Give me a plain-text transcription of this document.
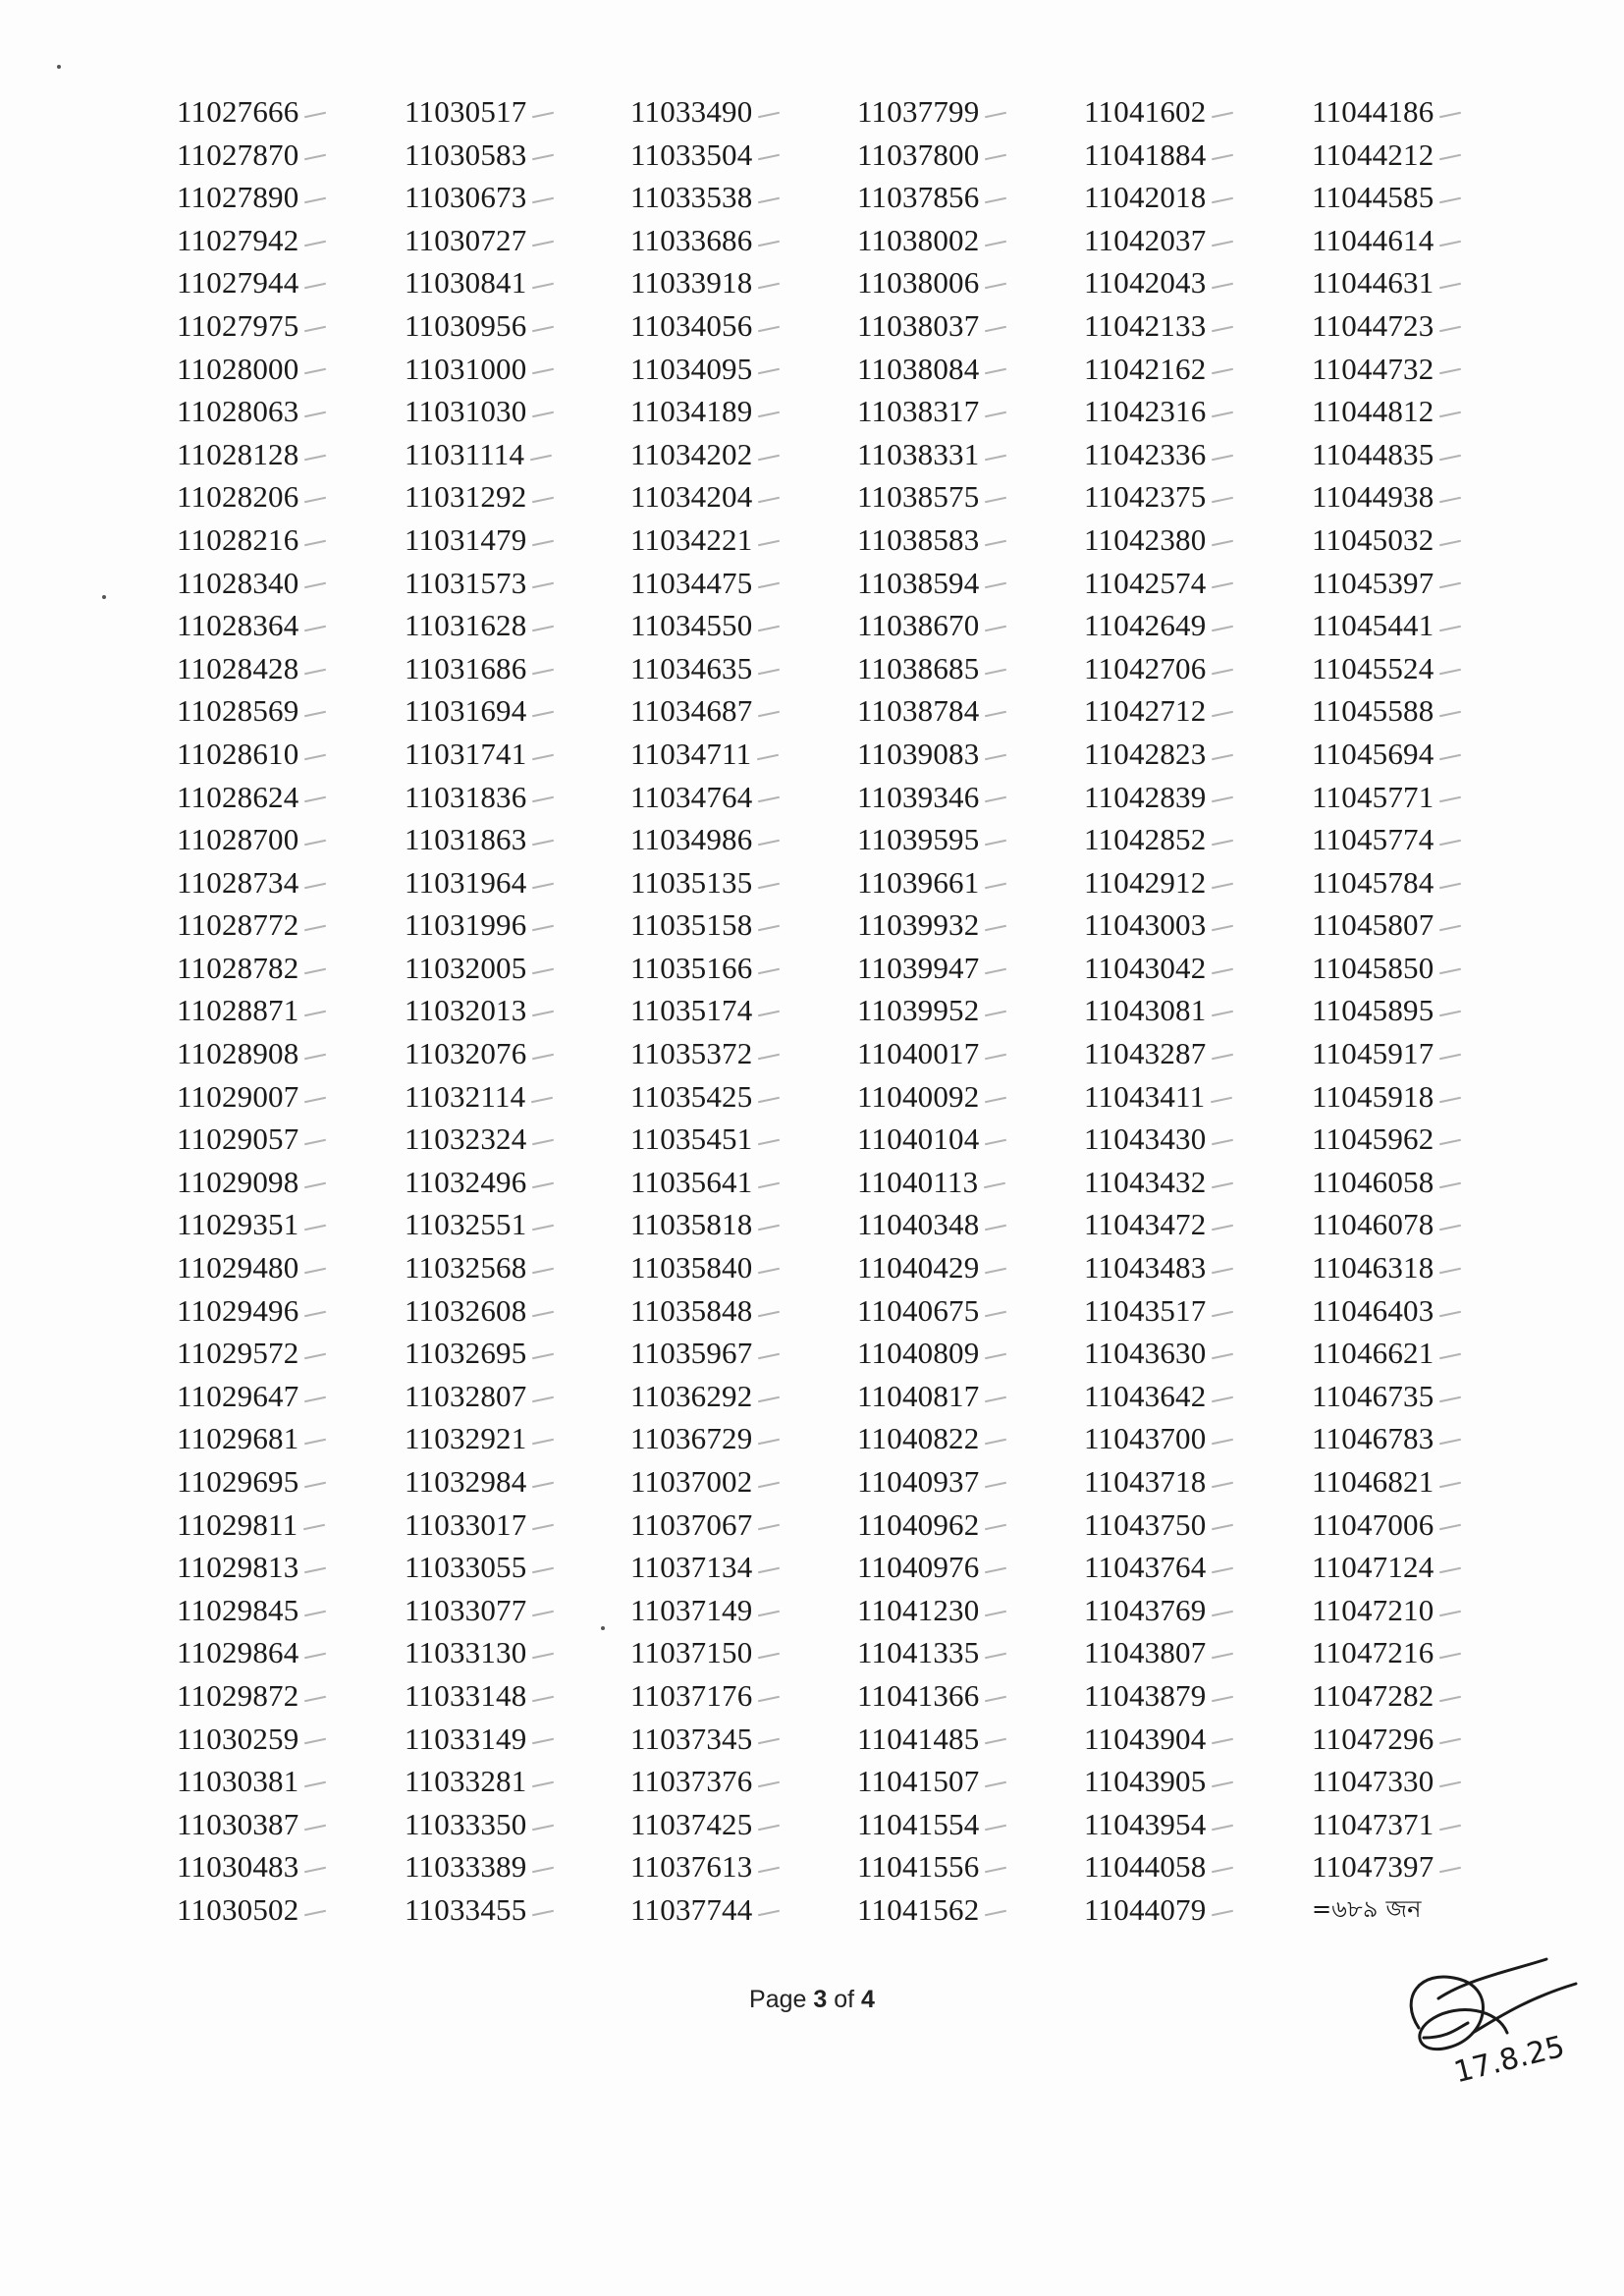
11027666
11027870
11027890
11027942
11027944
11027975
11028000
11028063
11028128
11028206
11028216
11028340
11028364
11028428
11028569
11028610
11028624
11028700
11028734
11028772
11028782
11028871
11028908
11029007
11029057
11029098
11029351
11029480
11029496
11029572
11029647
11029681
11029695
11029811
11029813
11029845
11029864
11029872
11030259
11030381
11030387
11030483
11030502
11030517
11030583
11030673
11030727
11030841
11030956
11031000
11031030
11031114
11031292
11031479
11031573
11031628
11031686
11031694
11031741
11031836
11031863
11031964
11031996
11032005
11032013
11032076
11032114
11032324
11032496
11032551
11032568
11032608
11032695
11032807
11032921
11032984
11033017
11033055
11033077
11033130
11033148
11033149
11033281
11033350
11033389
11033455
11033490
11033504
11033538
11033686
11033918
11034056
11034095
11034189
11034202
11034204
11034221
11034475
11034550
11034635
11034687
11034711
11034764
11034986
11035135
11035158
11035166
11035174
11035372
11035425
11035451
11035641
11035818
11035840
11035848
11035967
11036292
11036729
11037002
11037067
11037134
11037149
11037150
11037176
11037345
11037376
11037425
11037613
11037744
11037799
11037800
11037856
11038002
11038006
11038037
11038084
11038317
11038331
11038575
11038583
11038594
11038670
11038685
11038784
11039083
11039346
11039595
11039661
11039932
11039947
11039952
11040017
11040092
11040104
11040113
11040348
11040429
11040675
11040809
11040817
11040822
11040937
11040962
11040976
11041230
11041335
11041366
11041485
11041507
11041554
11041556
11041562
11041602
11041884
11042018
11042037
11042043
11042133
11042162
11042316
11042336
11042375
11042380
11042574
11042649
11042706
11042712
11042823
11042839
11042852
11042912
11043003
11043042
11043081
11043287
11043411
11043430
11043432
11043472
11043483
11043517
11043630
11043642
11043700
11043718
11043750
11043764
11043769
11043807
11043879
11043904
11043905
11043954
11044058
11044079
11044186
11044212
11044585
11044614
11044631
11044723
11044732
11044812
11044835
11044938
11045032
11045397
11045441
11045524
11045588
11045694
11045771
11045774
11045784
11045807
11045850
11045895
11045917
11045918
11045962
11046058
11046078
11046318
11046403
11046621
11046735
11046783
11046821
11047006
11047124
11047210
11047216
11047282
11047296
11047330
11047371
11047397
=৬৮৯ জন
Page 3 of 4
17.8.25
